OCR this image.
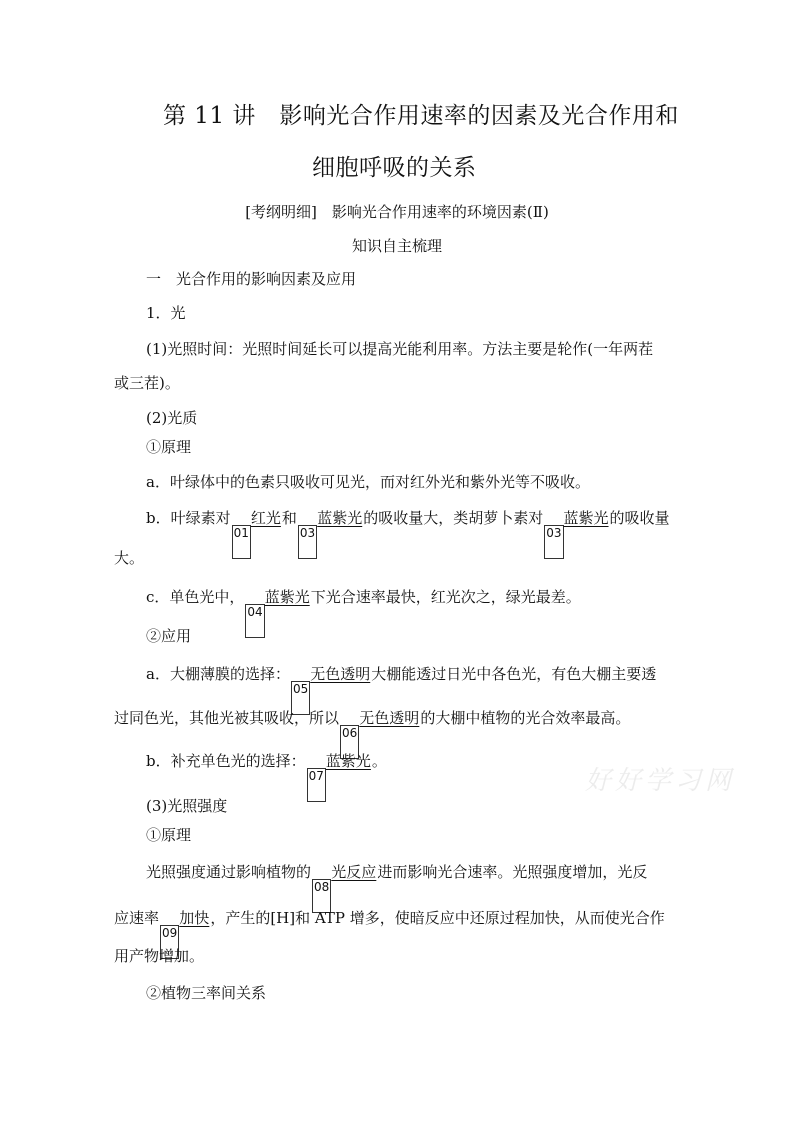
第 11 讲　影响光合作用速率的因素及光合作用和
细胞呼吸的关系
[考纲明细]　影响光合作用速率的环境因素(Ⅱ)
知识自主梳理
一　光合作用的影响因素及应用
1．光
(1)光照时间：光照时间延长可以提高光能利用率。方法主要是轮作(一年两茬
或三茬)。
(2)光质
①原理
a．叶绿体中的色素只吸收可见光，而对红外光和紫外光等不吸收。
b．叶绿素对01红光和03蓝紫光的吸收量大，类胡萝卜素对03蓝紫光的吸收量
大。
c．单色光中，04蓝紫光下光合速率最快，红光次之，绿光最差。
②应用
a．大棚薄膜的选择：05无色透明大棚能透过日光中各色光，有色大棚主要透
过同色光，其他光被其吸收，所以06无色透明的大棚中植物的光合效率最高。
b．补充单色光的选择：07蓝紫光。
(3)光照强度
①原理
光照强度通过影响植物的08光反应进而影响光合速率。光照强度增加，光反
应速率09加快，产生的[H]和 ATP 增多，使暗反应中还原过程加快，从而使光合作
用产物增加。
②植物三率间关系
好好学习网
